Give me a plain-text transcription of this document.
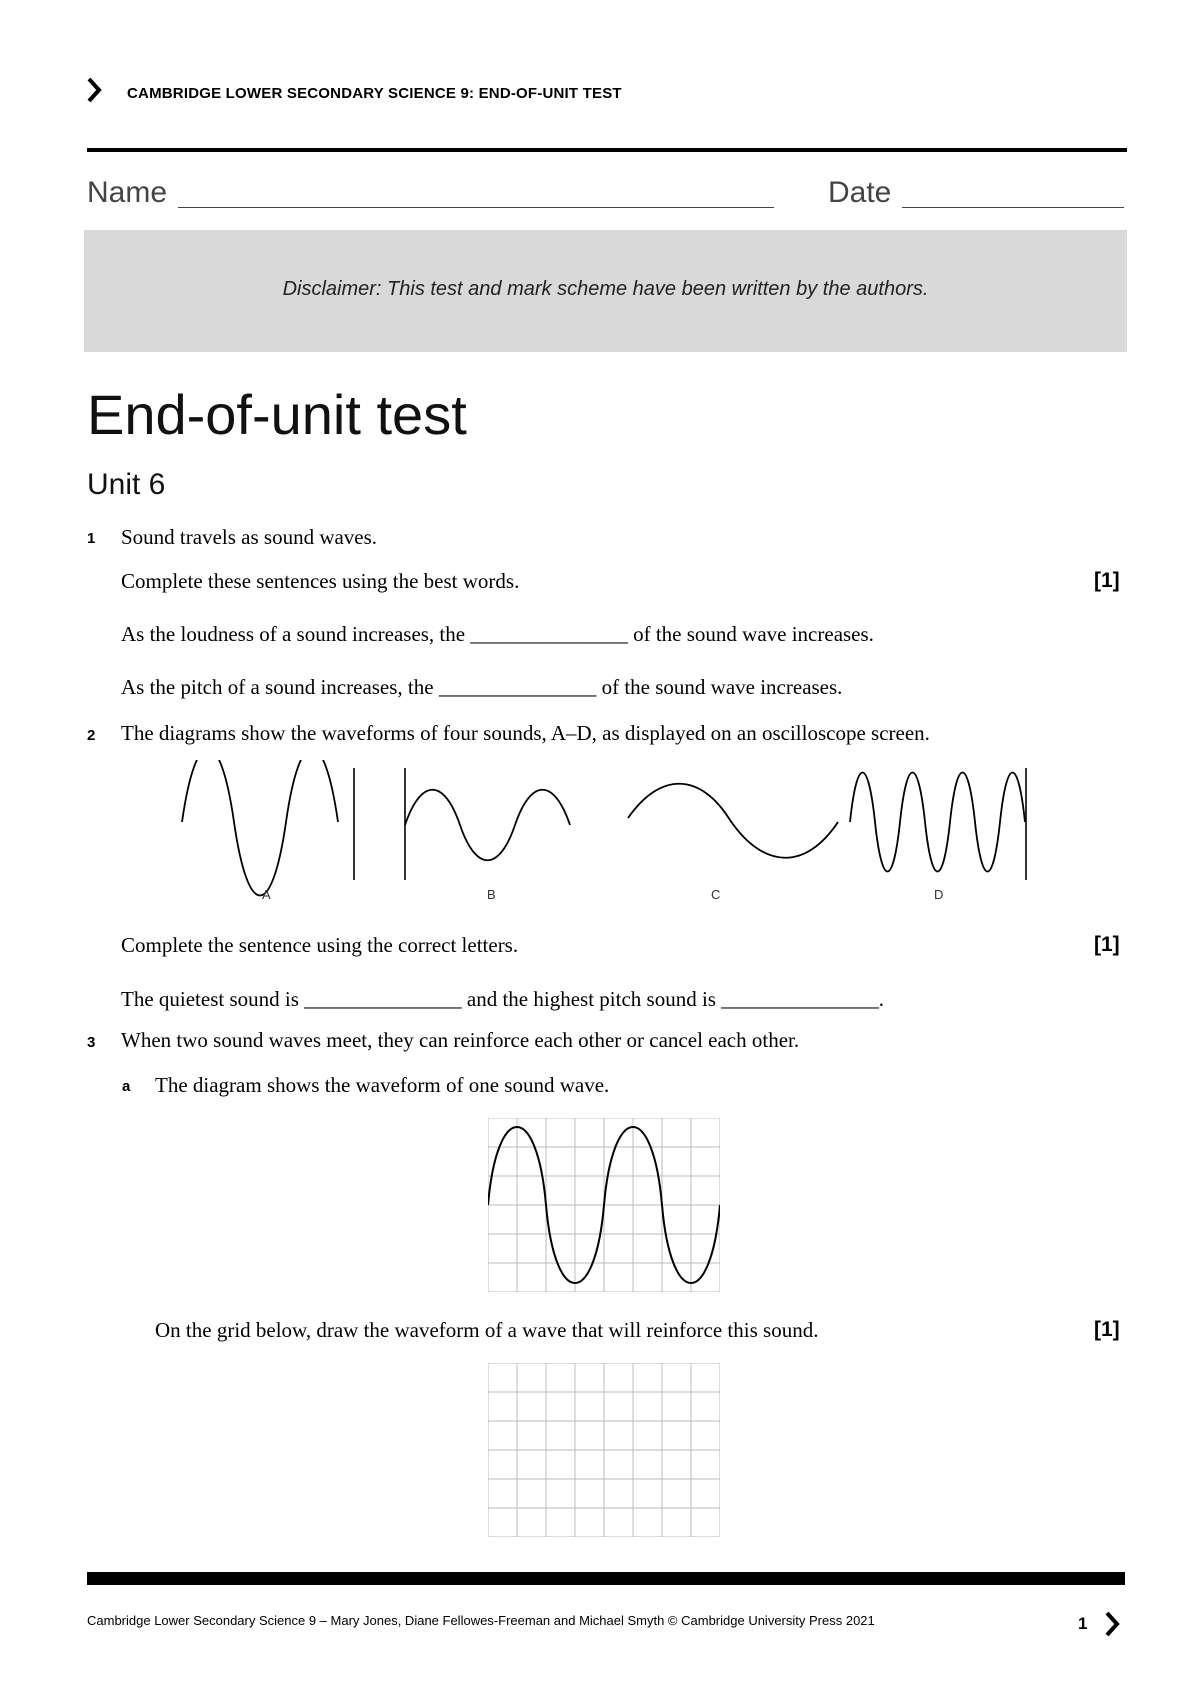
CAMBRIDGE LOWER SECONDARY SCIENCE 9: END-OF-UNIT TEST
Name	Date
Disclaimer: This test and mark scheme have been written by the authors.
End-of-unit test
Unit 6
1 Sound travels as sound waves.
Complete these sentences using the best words.	[1]
As the loudness of a sound increases, the _______________ of the sound wave increases.
As the pitch of a sound increases, the _______________ of the sound wave increases.
2 The diagrams show the waveforms of four sounds, A–D, as displayed on an oscilloscope screen.
A	B	C	D
Complete the sentence using the correct letters.	[1]
The quietest sound is _______________ and the highest pitch sound is _______________.
3 When two sound waves meet, they can reinforce each other or cancel each other.
a The diagram shows the waveform of one sound wave.
On the grid below, draw the waveform of a wave that will reinforce this sound.	[1]
Cambridge Lower Secondary Science 9 – Mary Jones, Diane Fellowes-Freeman and Michael Smyth © Cambridge University Press 2021	1
